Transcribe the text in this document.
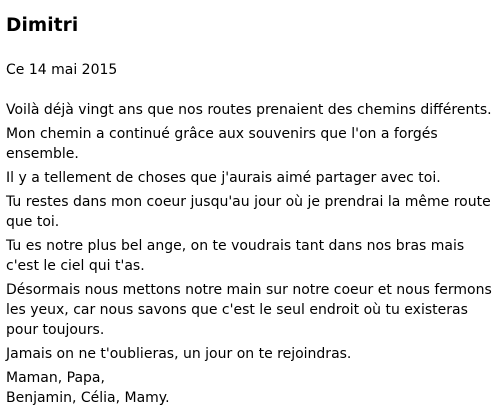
Dimitri
Ce 14 mai 2015

Voilà déjà vingt ans que nos routes prenaient des chemins différents.

Mon chemin a continué grâce aux souvenirs que l'on a forgés ensemble.

Il y a tellement de choses que j'aurais aimé partager avec toi.

Tu restes dans mon coeur jusqu'au jour où je prendrai la même route que toi.

Tu es notre plus bel ange, on te voudrais tant dans nos bras mais c'est le ciel qui t'as.

Désormais nous mettons notre main sur notre coeur et nous fermons les yeux, car nous savons que c'est le seul endroit où tu existeras pour toujours.

Jamais on ne t'oublieras, un jour on te rejoindras.

Maman, Papa,

Benjamin, Célia, Mamy.
